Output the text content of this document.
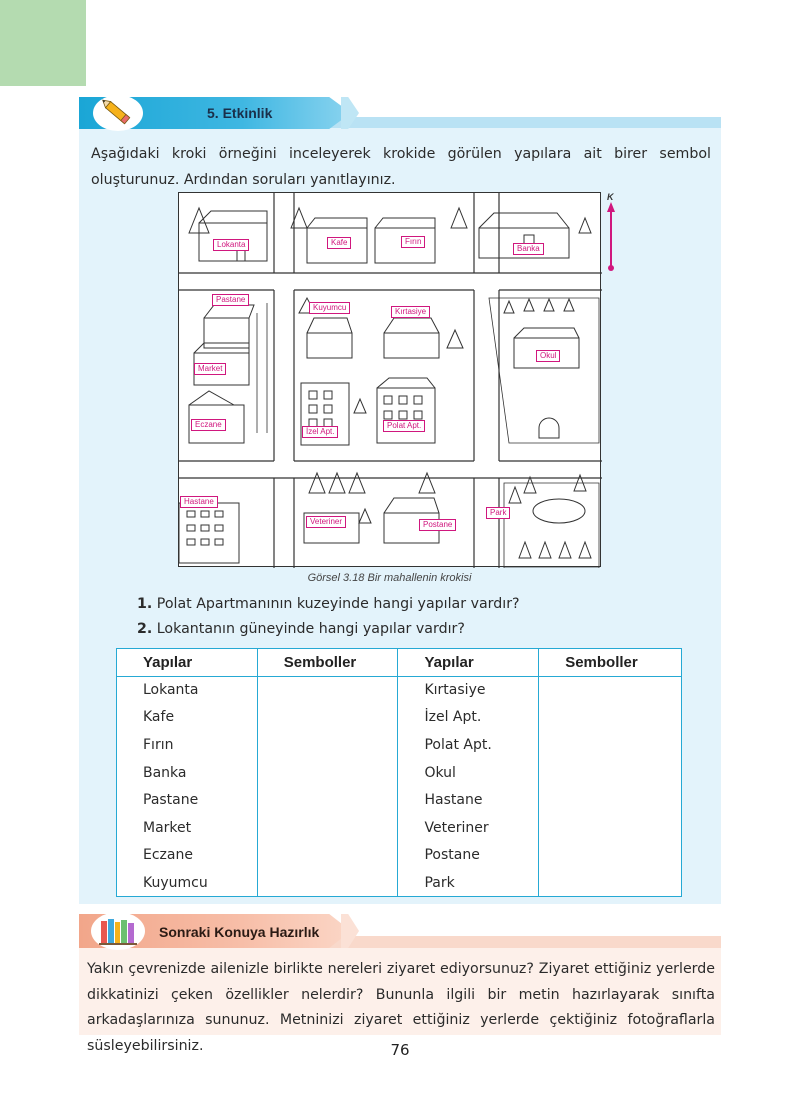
5. Etkinlik

Aşağıdaki kroki örneğini inceleyerek krokide görülen yapılara ait birer sembol oluşturunuz. Ardından soruları yanıtlayınız.

Lokanta	Kafe	Fırın
Banka
Pastane
Kuyumcu	Kırtasiye
Okul
Market
Eczane
İzel Apt.
Polat Apt.
Hastane
Veteriner	Postane
Park
K
Görsel 3.18 Bir mahallenin krokisi

1. Polat Apartmanının kuzeyinde hangi yapılar vardır?

2. Lokantanın güneyinde hangi yapılar vardır?

Yapılar	Semboller	Yapılar	Semboller
Lokanta		Kırtasiye	
Kafe		İzel Apt.	
Fırın		Polat Apt.	
Banka		Okul	
Pastane		Hastane	
Market		Veteriner	
Eczane		Postane	
Kuyumcu		Park	
Sonraki Konuya Hazırlık

Yakın çevrenizde ailenizle birlikte nereleri ziyaret ediyorsunuz? Ziyaret ettiğiniz yerlerde dikkatinizi çeken özellikler nelerdir? Bununla ilgili bir metin hazırlayarak sınıfta arkadaşlarınıza sununuz. Metninizi ziyaret ettiğiniz yerlerde çektiğiniz fotoğraflarla süsleyebilirsiniz.	76
